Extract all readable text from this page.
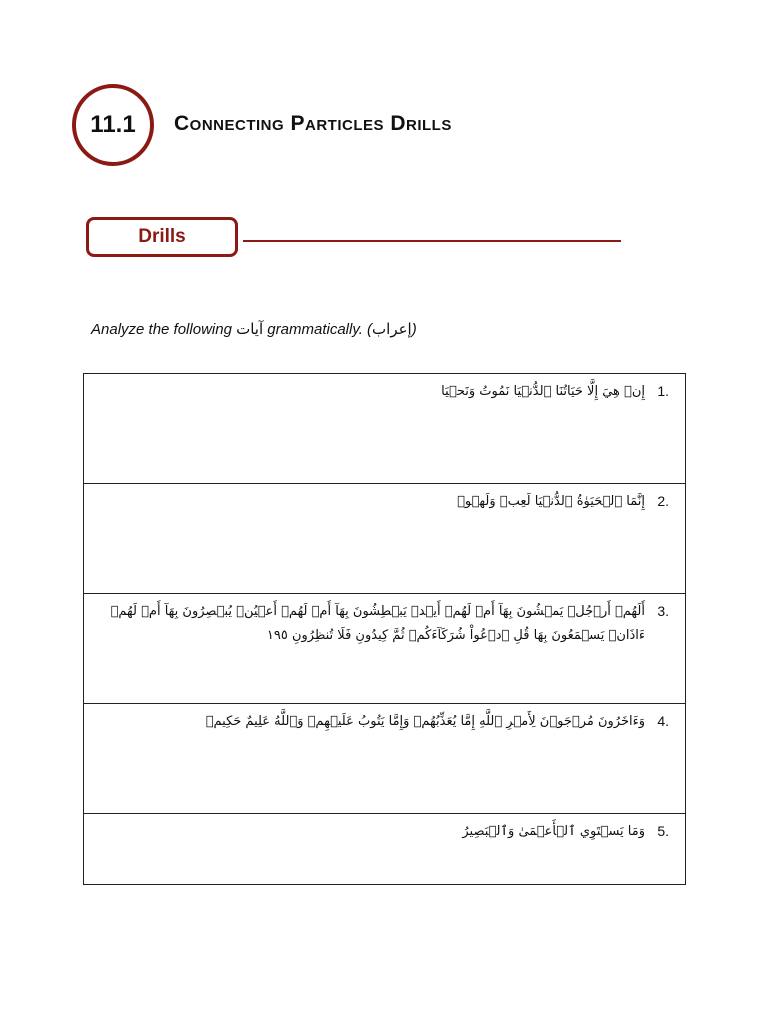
11.1	Connecting Particles Drills
Drills
Analyze the following آيات grammatically. (إعراب)
1.
إِنۡ هِيَ إِلَّا حَيَاتُنَا ٱلدُّنۡيَا نَمُوتُ وَنَحۡيَا
2.
إِنَّمَا ٱلۡحَيَوٰةُ ٱلدُّنۡيَا لَعِبٞ وَلَهۡوٞ
3.
أَلَهُمۡ أَرۡجُلٞ يَمۡشُونَ بِهَآ أَمۡ لَهُمۡ أَيۡدٖ يَبۡطِشُونَ بِهَآ أَمۡ لَهُمۡ أَعۡيُنٞ يُبۡصِرُونَ بِهَآ أَمۡ لَهُمۡ ءَاذَانٞ يَسۡمَعُونَ بِهَا قُلِ ٱدۡعُواْ شُرَكَآءَكُمۡ ثُمَّ كِيدُونِ فَلَا تُنظِرُونِ ١٩٥
4.
وَءَاخَرُونَ مُرۡجَوۡنَ لِأَمۡرِ ٱللَّهِ إِمَّا يُعَذِّبُهُمۡ وَإِمَّا يَتُوبُ عَلَيۡهِمۡ وَٱللَّهُ عَلِيمٌ حَكِيمٞ
5.
وَمَا يَسۡتَوِي ٱلۡأَعۡمَىٰ وَٱلۡبَصِيرُ
